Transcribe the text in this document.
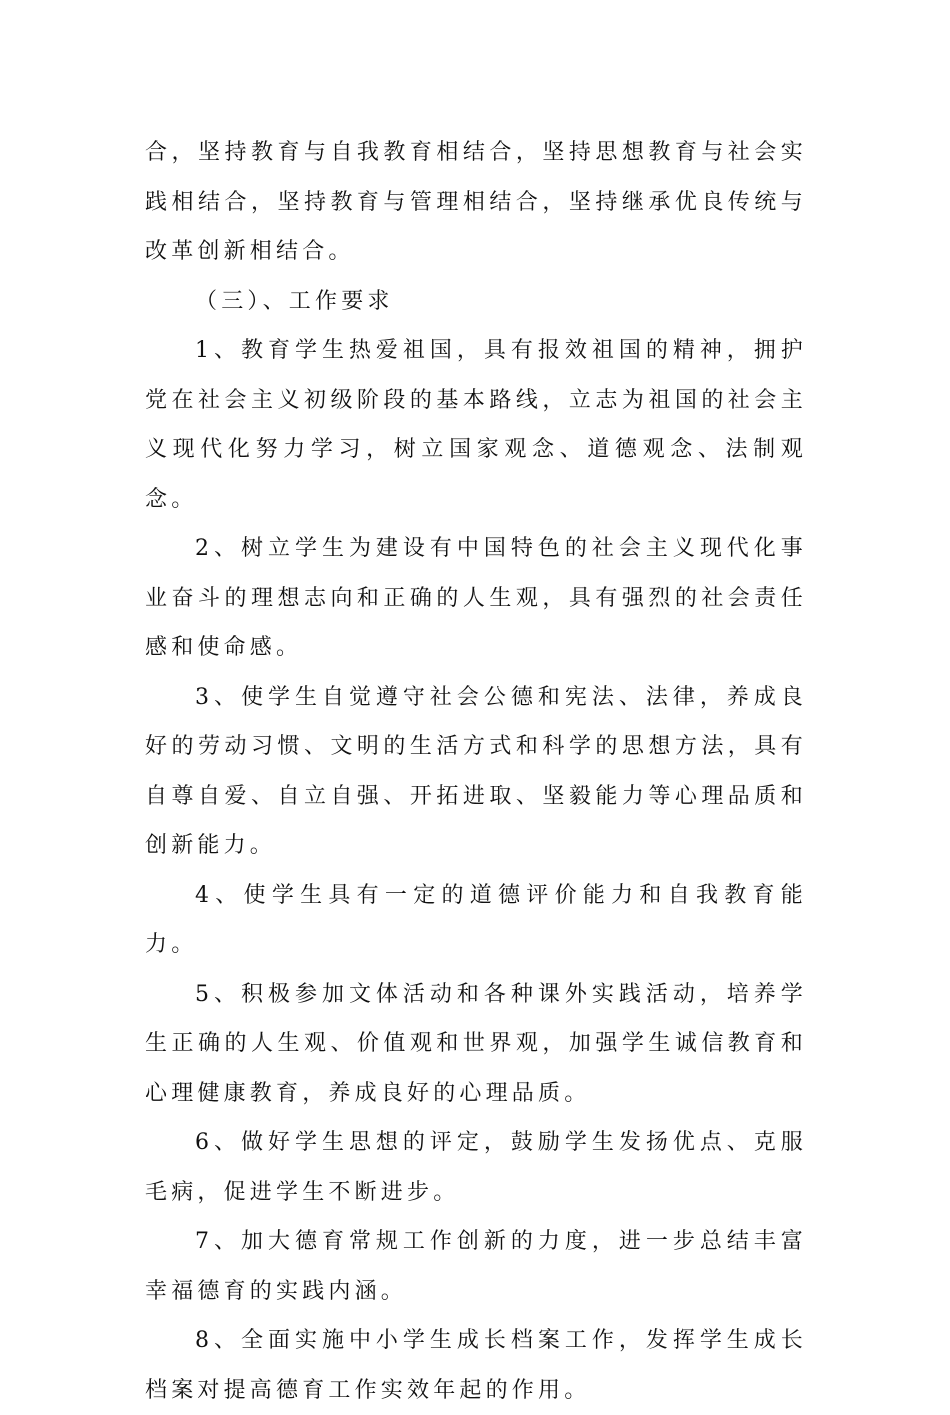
合，坚持教育与自我教育相结合，坚持思想教育与社会实践相结合，坚持教育与管理相结合，坚持继承优良传统与改革创新相结合。

（三）、工作要求

1、教育学生热爱祖国，具有报效祖国的精神，拥护党在社会主义初级阶段的基本路线，立志为祖国的社会主义现代化努力学习，树立国家观念、道德观念、法制观念。

2、树立学生为建设有中国特色的社会主义现代化事业奋斗的理想志向和正确的人生观，具有强烈的社会责任感和使命感。

3、使学生自觉遵守社会公德和宪法、法律，养成良好的劳动习惯、文明的生活方式和科学的思想方法，具有自尊自爱、自立自强、开拓进取、坚毅能力等心理品质和创新能力。

4、使学生具有一定的道德评价能力和自我教育能力。

5、积极参加文体活动和各种课外实践活动，培养学生正确的人生观、价值观和世界观，加强学生诚信教育和心理健康教育，养成良好的心理品质。

6、做好学生思想的评定，鼓励学生发扬优点、克服毛病，促进学生不断进步。

7、加大德育常规工作创新的力度，进一步总结丰富幸福德育的实践内涵。

8、全面实施中小学生成长档案工作，发挥学生成长档案对提高德育工作实效年起的作用。
